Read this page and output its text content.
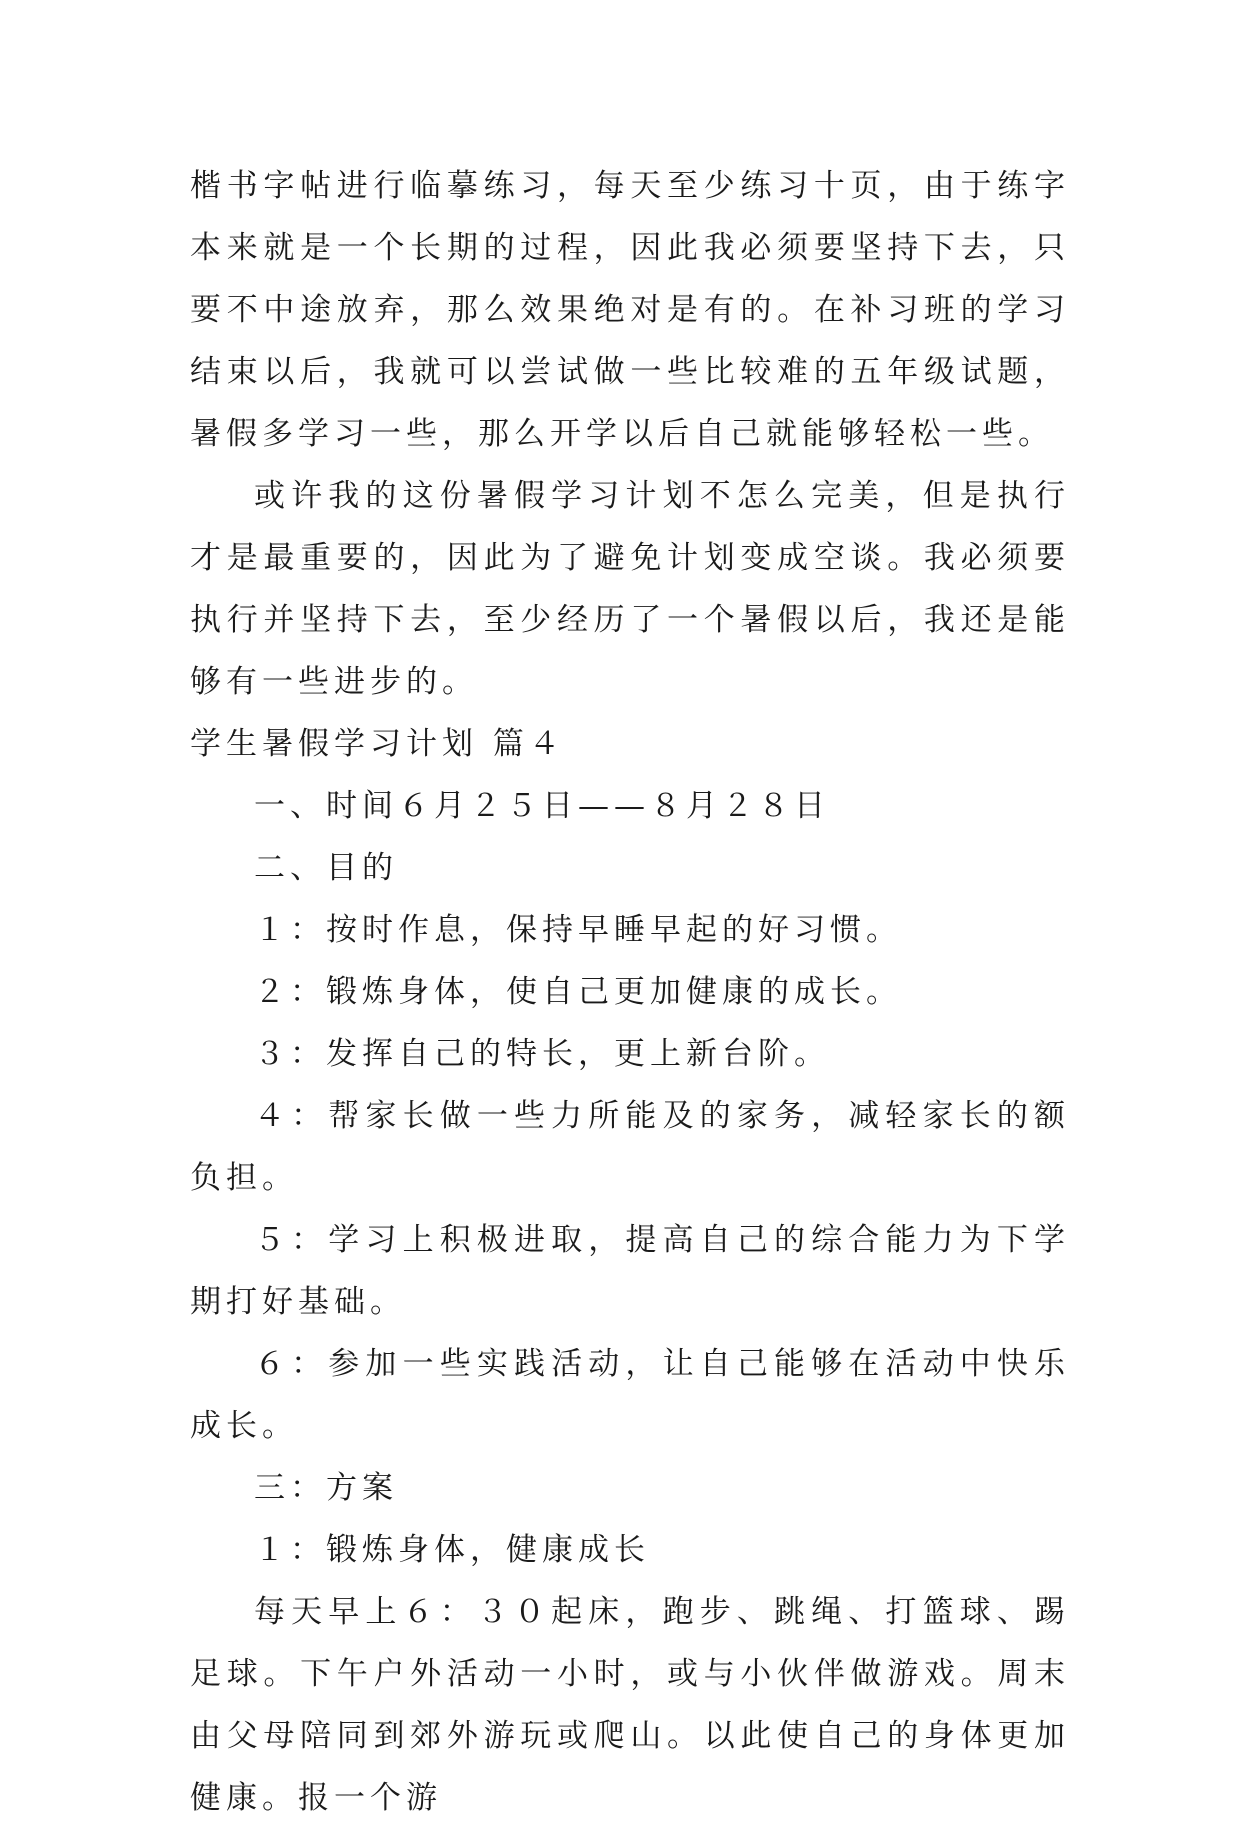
楷书字帖进行临摹练习，每天至少练习十页，由于练字本来就是一个长期的过程，因此我必须要坚持下去，只要不中途放弃，那么效果绝对是有的。在补习班的学习结束以后，我就可以尝试做一些比较难的五年级试题，暑假多学习一些，那么开学以后自己就能够轻松一些。

或许我的这份暑假学习计划不怎么完美，但是执行才是最重要的，因此为了避免计划变成空谈。我必须要执行并坚持下去，至少经历了一个暑假以后，我还是能够有一些进步的。

学生暑假学习计划 篇４

一、时间６月２５日——８月２８日

二、目的

１：按时作息，保持早睡早起的好习惯。

２：锻炼身体，使自己更加健康的成长。

３：发挥自己的特长，更上新台阶。

４：帮家长做一些力所能及的家务，减轻家长的额负担。

５：学习上积极进取，提高自己的综合能力为下学期打好基础。

６：参加一些实践活动，让自己能够在活动中快乐成长。

三：方案

１：锻炼身体，健康成长

每天早上６：３０起床，跑步、跳绳、打篮球、踢足球。下午户外活动一小时，或与小伙伴做游戏。周末由父母陪同到郊外游玩或爬山。以此使自己的身体更加健康。报一个游
